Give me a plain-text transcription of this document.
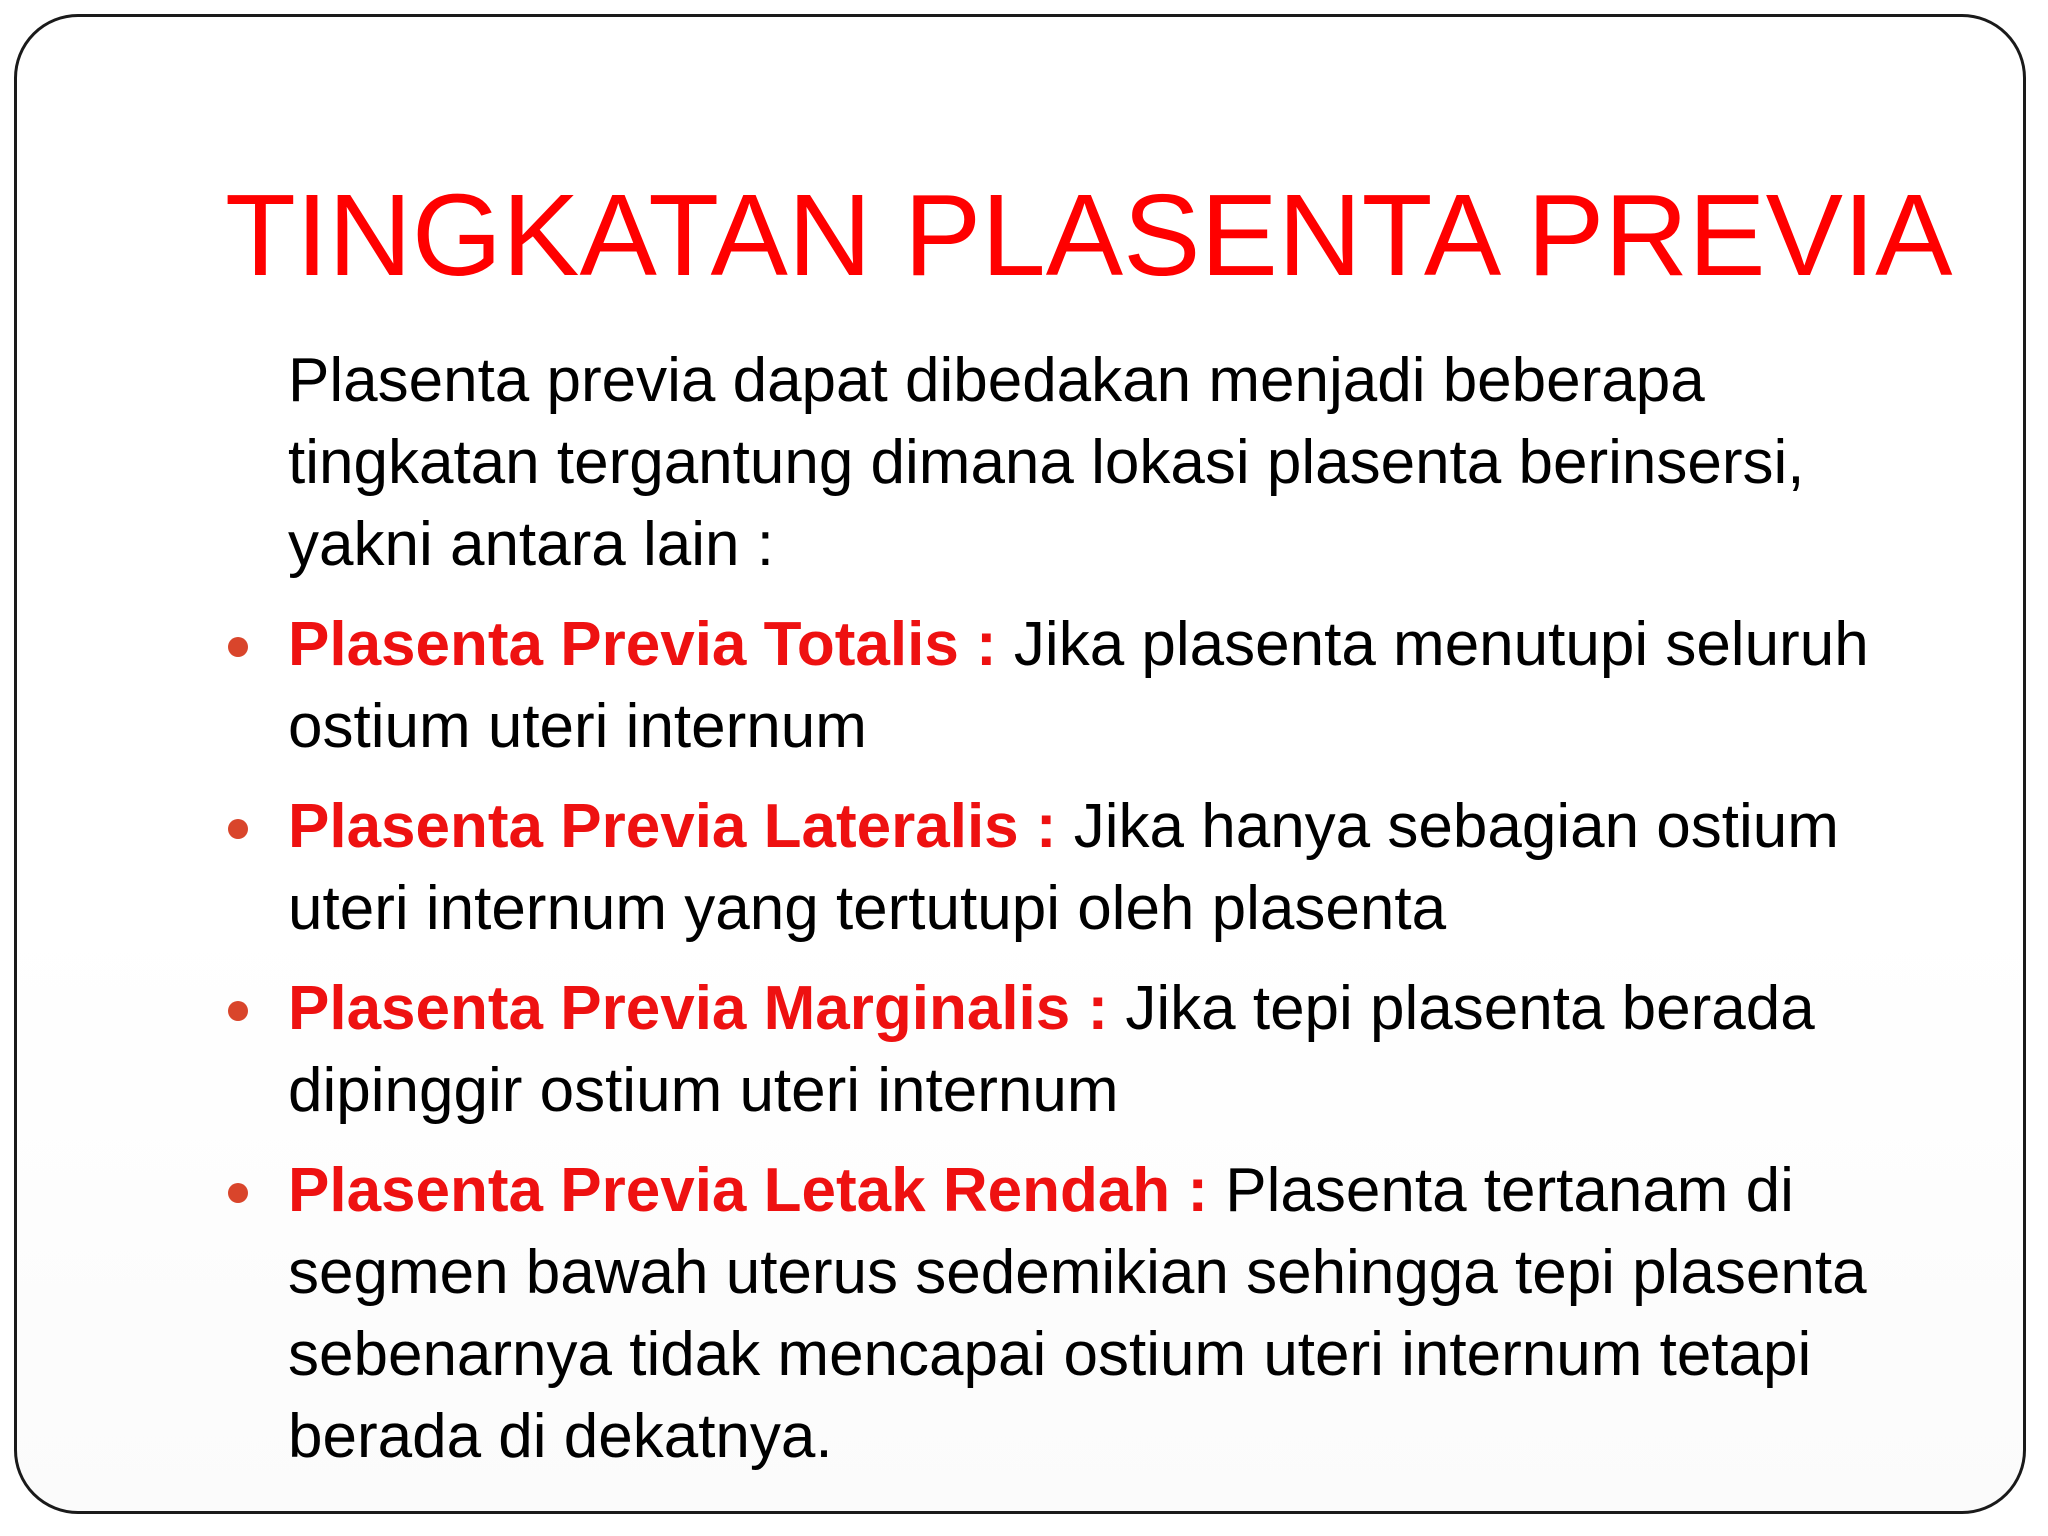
TINGKATAN PLASENTA PREVIA

Plasenta previa dapat dibedakan menjadi beberapa tingkatan tergantung dimana lokasi plasenta berinsersi, yakni antara lain :

Plasenta Previa Totalis : Jika plasenta menutupi seluruh ostium uteri internum
Plasenta Previa Lateralis : Jika hanya sebagian ostium uteri internum yang tertutupi oleh plasenta
Plasenta Previa Marginalis : Jika tepi plasenta berada dipinggir ostium uteri internum
Plasenta Previa Letak Rendah : Plasenta tertanam di segmen bawah uterus sedemikian sehingga tepi plasenta sebenarnya tidak mencapai ostium uteri internum tetapi berada di dekatnya.
